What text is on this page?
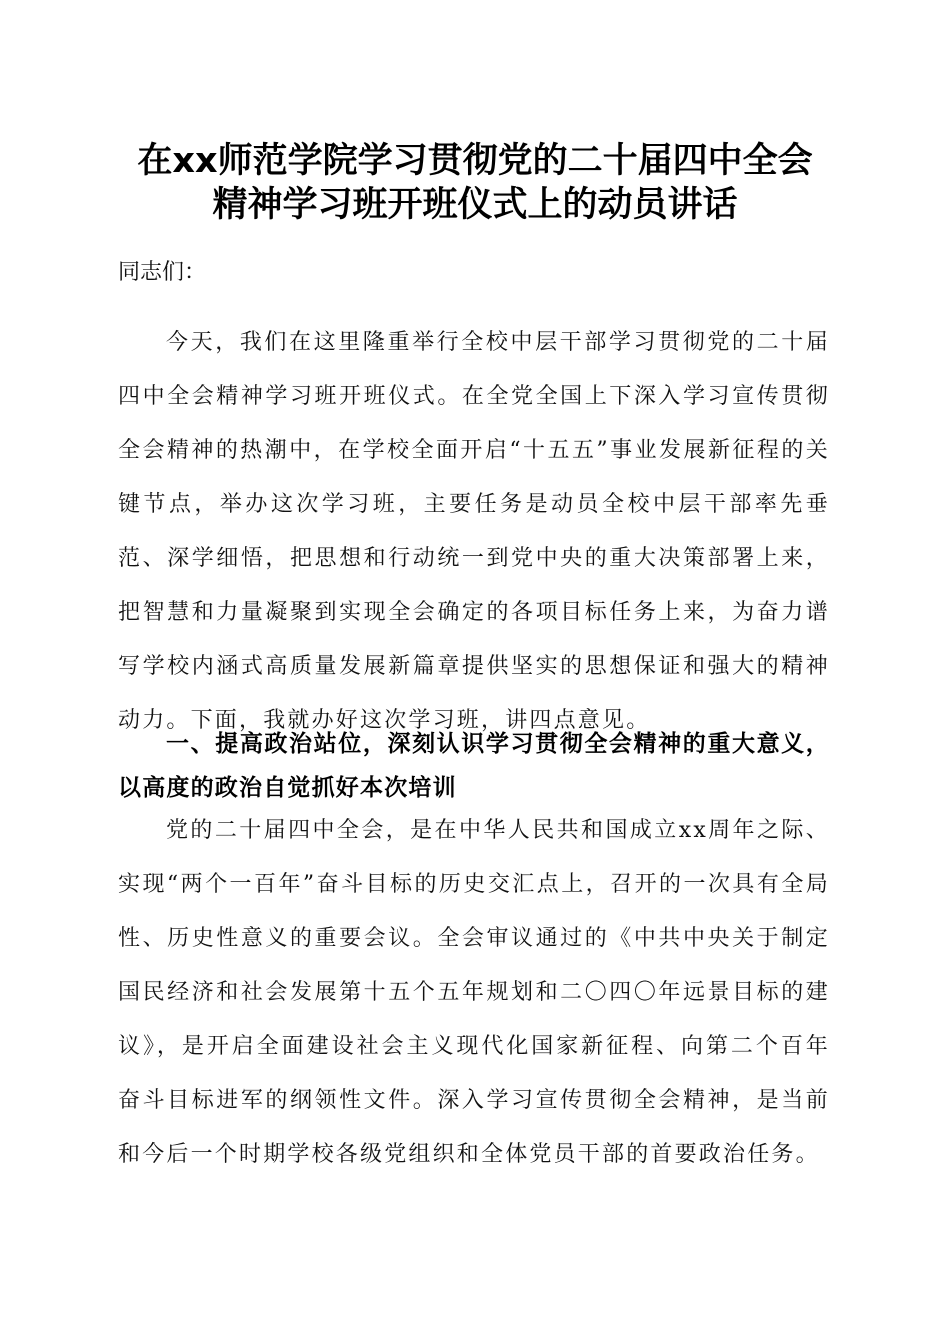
在xx师范学院学习贯彻党的二十届四中全会
精神学习班开班仪式上的动员讲话

同志们：

今天，我们在这里隆重举行全校中层干部学习贯彻党的二十届四中全会精神学习班开班仪式。在全党全国上下深入学习宣传贯彻全会精神的热潮中，在学校全面开启“十五五”事业发展新征程的关键节点，举办这次学习班，主要任务是动员全校中层干部率先垂范、深学细悟，把思想和行动统一到党中央的重大决策部署上来，把智慧和力量凝聚到实现全会确定的各项目标任务上来，为奋力谱写学校内涵式高质量发展新篇章提供坚实的思想保证和强大的精神动力。下面，我就办好这次学习班，讲四点意见。

一、提高政治站位，深刻认识学习贯彻全会精神的重大意义，以高度的政治自觉抓好本次培训

党的二十届四中全会，是在中华人民共和国成立xx周年之际、实现“两个一百年”奋斗目标的历史交汇点上，召开的一次具有全局性、历史性意义的重要会议。全会审议通过的《中共中央关于制定国民经济和社会发展第十五个五年规划和二〇四〇年远景目标的建议》，是开启全面建设社会主义现代化国家新征程、向第二个百年奋斗目标进军的纲领性文件。深入学习宣传贯彻全会精神，是当前和今后一个时期学校各级党组织和全体党员干部的首要政治任务。
